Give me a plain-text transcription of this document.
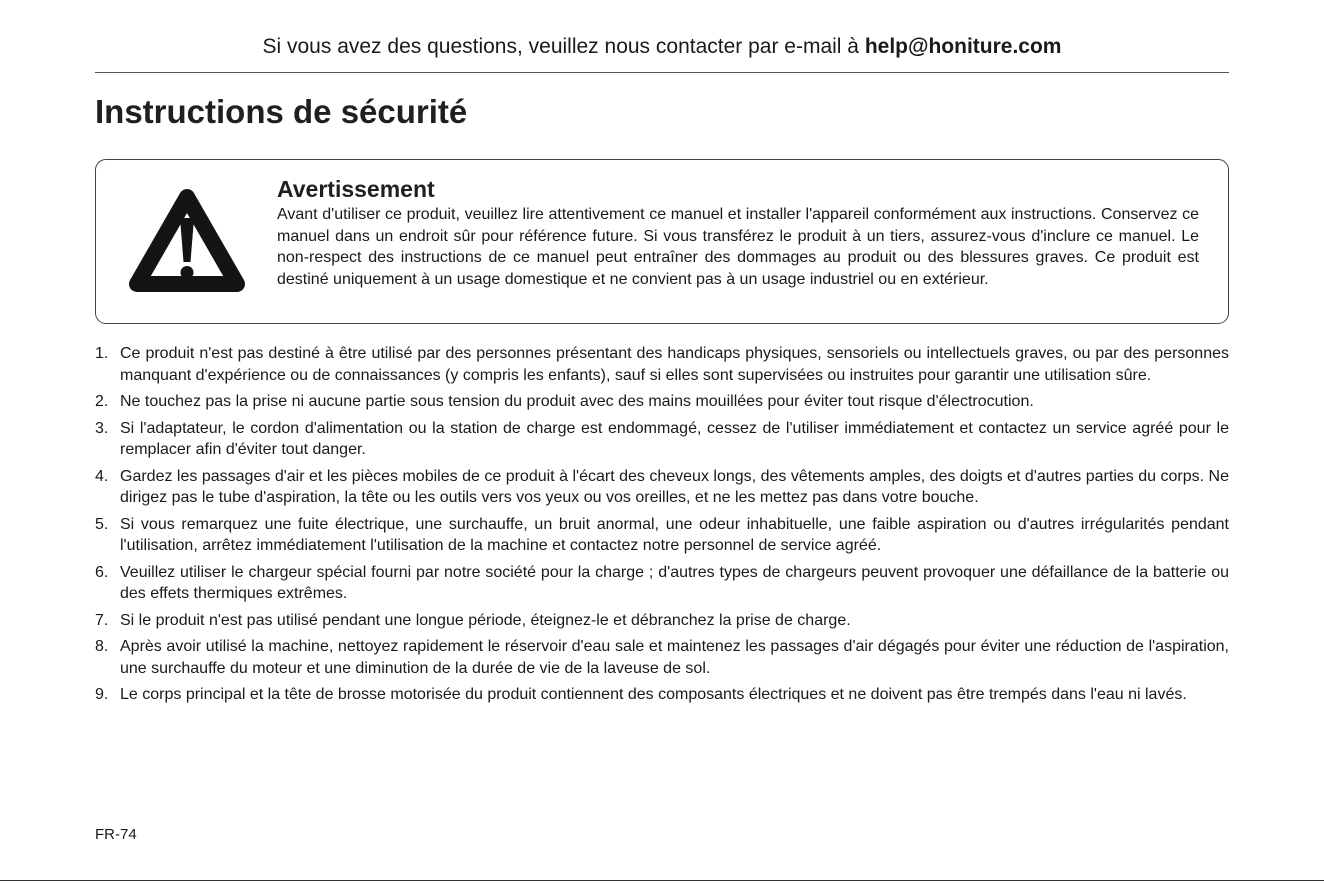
Si vous avez des questions, veuillez nous contacter par e-mail à help@honiture.com
Instructions de sécurité
Avertissement

Avant d'utiliser ce produit, veuillez lire attentivement ce manuel et installer l'appareil conformément aux instructions. Conservez ce manuel dans un endroit sûr pour référence future. Si vous transférez le produit à un tiers, assurez-vous d'inclure ce manuel. Le non-respect des instructions de ce manuel peut entraîner des dommages au produit ou des blessures graves. Ce produit est destiné uniquement à un usage domestique et ne convient pas à un usage industriel ou en extérieur.

1. Ce produit n'est pas destiné à être utilisé par des personnes présentant des handicaps physiques, sensoriels ou intellectuels graves, ou par des personnes manquant d'expérience ou de connaissances (y compris les enfants), sauf si elles sont supervisées ou instruites pour garantir une utilisation sûre.
2. Ne touchez pas la prise ni aucune partie sous tension du produit avec des mains mouillées pour éviter tout risque d'électrocution.
3. Si l'adaptateur, le cordon d'alimentation ou la station de charge est endommagé, cessez de l'utiliser immédiatement et contactez un service agréé pour le remplacer afin d'éviter tout danger.
4. Gardez les passages d'air et les pièces mobiles de ce produit à l'écart des cheveux longs, des vêtements amples, des doigts et d'autres parties du corps. Ne dirigez pas le tube d'aspiration, la tête ou les outils vers vos yeux ou vos oreilles, et ne les mettez pas dans votre bouche.
5. Si vous remarquez une fuite électrique, une surchauffe, un bruit anormal, une odeur inhabituelle, une faible aspiration ou d'autres irrégularités pendant l'utilisation, arrêtez immédiatement l'utilisation de la machine et contactez notre personnel de service agréé.
6. Veuillez utiliser le chargeur spécial fourni par notre société pour la charge ; d'autres types de chargeurs peuvent provoquer une défaillance de la batterie ou des effets thermiques extrêmes.
7. Si le produit n'est pas utilisé pendant une longue période, éteignez-le et débranchez la prise de charge.
8. Après avoir utilisé la machine, nettoyez rapidement le réservoir d'eau sale et maintenez les passages d'air dégagés pour éviter une réduction de l'aspiration, une surchauffe du moteur et une diminution de la durée de vie de la laveuse de sol.
9. Le corps principal et la tête de brosse motorisée du produit contiennent des composants électriques et ne doivent pas être trempés dans l'eau ni lavés.
FR-74
